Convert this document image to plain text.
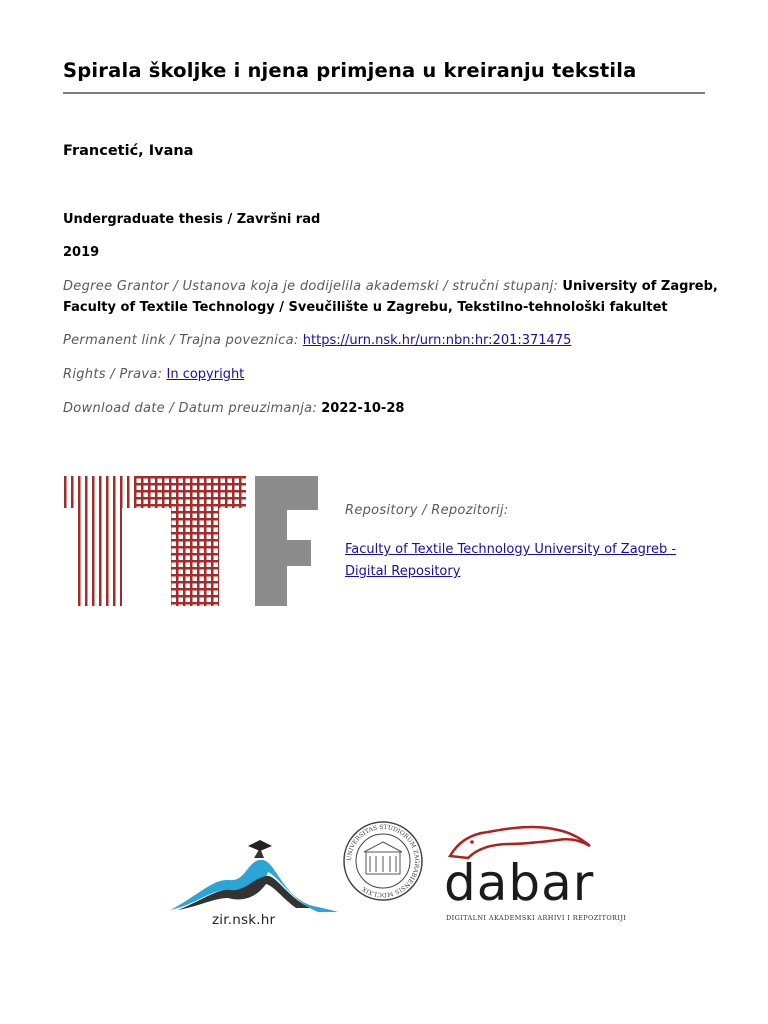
Spirala školjke i njena primjena u kreiranju tekstila
Francetić, Ivana
Undergraduate thesis / Završni rad
2019
Degree Grantor / Ustanova koja je dodijelila akademski / stručni stupanj: University of Zagreb, Faculty of Textile Technology / Sveučilište u Zagrebu, Tekstilno-tehnološki fakultet
Permanent link / Trajna poveznica: https://urn.nsk.hr/urn:nbn:hr:201:371475
Rights / Prava: In copyright
Download date / Datum preuzimanja: 2022-10-28
Repository / Repozitorij:
Faculty of Textile Technology University of Zagreb -
Digital Repository
zir.nsk.hr
UNIVERSITAS STUDIORUM ZAGRABIENSIS MDCLXIX	dabar
DIGITALNI AKADEMSKI ARHIVI I REPOZITORIJI
